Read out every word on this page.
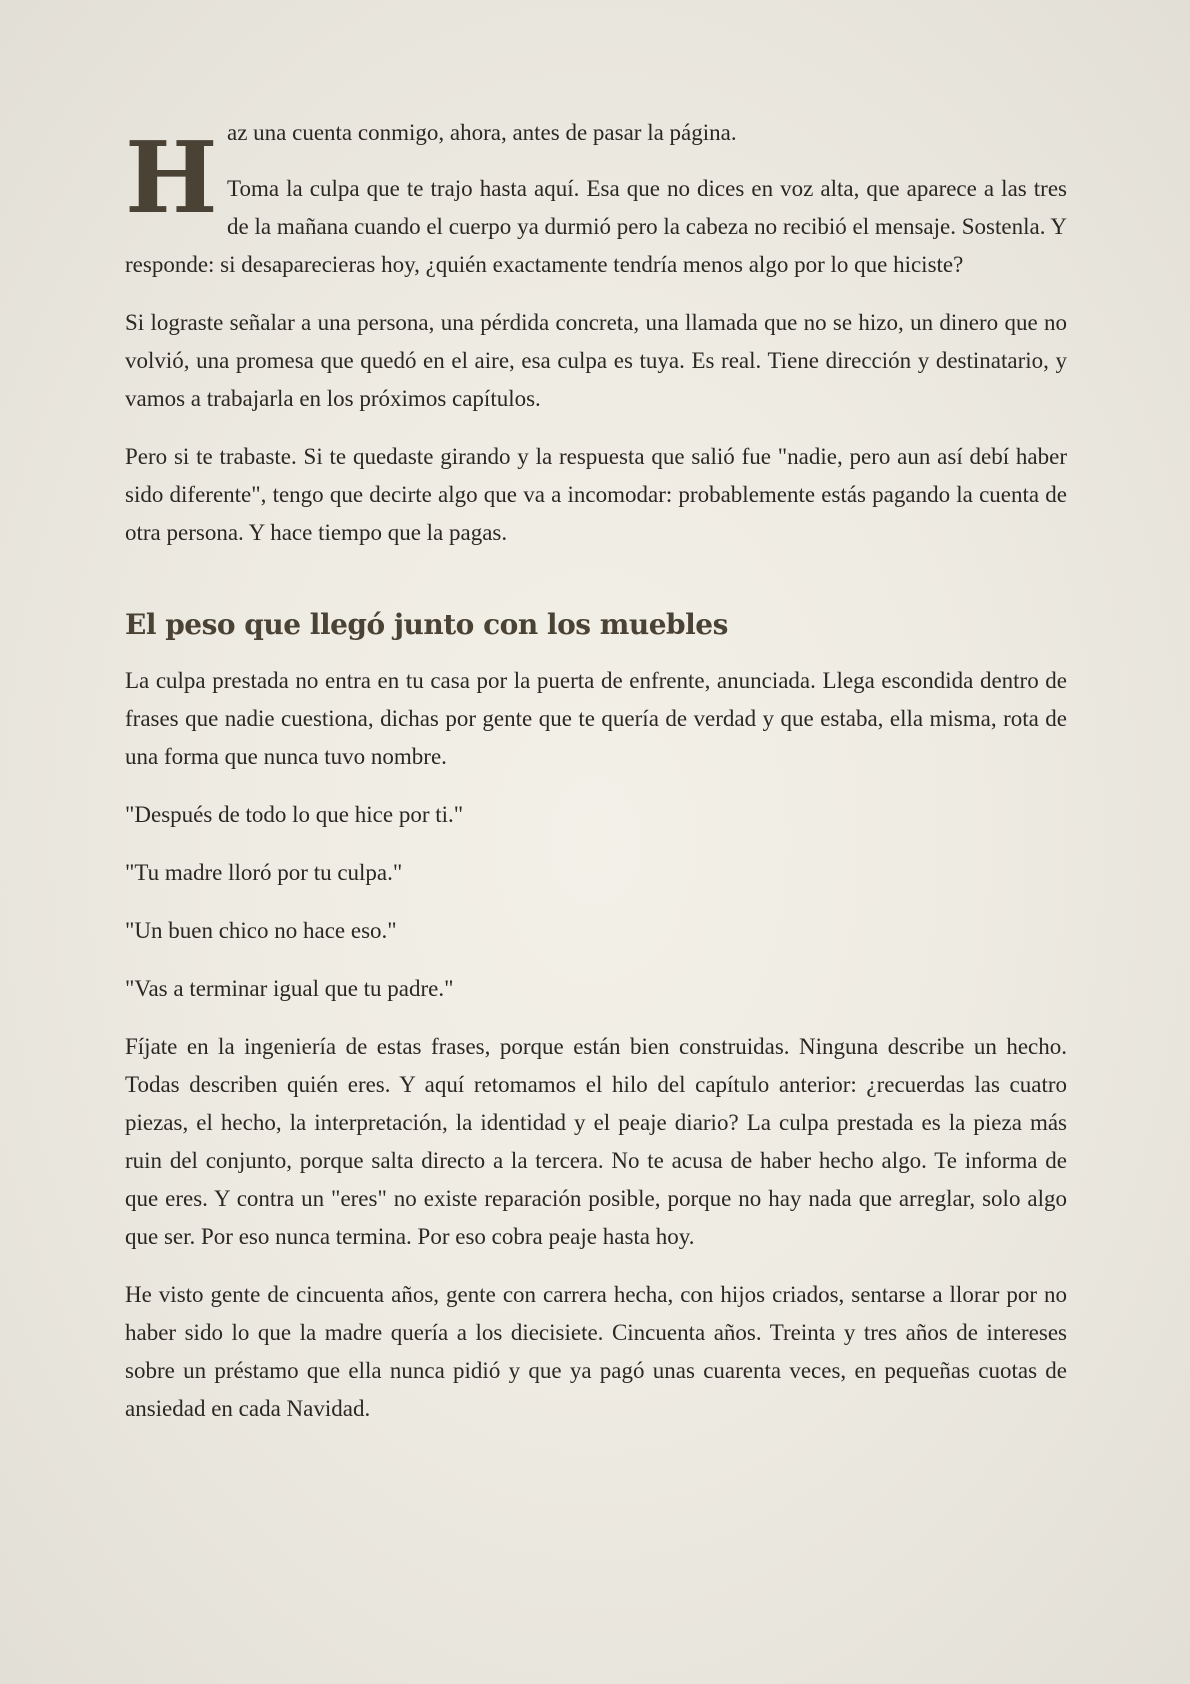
H az una cuenta conmigo, ahora, antes de pasar la página.

Toma la culpa que te trajo hasta aquí. Esa que no dices en voz alta, que aparece a las tres de la mañana cuando el cuerpo ya durmió pero la cabeza no recibió el mensaje. Sostenla. Y responde: si desaparecieras hoy, ¿quién exactamente tendría menos algo por lo que hiciste?

Si lograste señalar a una persona, una pérdida concreta, una llamada que no se hizo, un dinero que no volvió, una promesa que quedó en el aire, esa culpa es tuya. Es real. Tiene dirección y destinatario, y vamos a trabajarla en los próximos capítulos.

Pero si te trabaste. Si te quedaste girando y la respuesta que salió fue "nadie, pero aun así debí haber sido diferente", tengo que decirte algo que va a incomodar: probablemente estás pagando la cuenta de otra persona. Y hace tiempo que la pagas.

El peso que llegó junto con los muebles

La culpa prestada no entra en tu casa por la puerta de enfrente, anunciada. Llega escondida dentro de frases que nadie cuestiona, dichas por gente que te quería de verdad y que estaba, ella misma, rota de una forma que nunca tuvo nombre.

"Después de todo lo que hice por ti."

"Tu madre lloró por tu culpa."

"Un buen chico no hace eso."

"Vas a terminar igual que tu padre."

Fíjate en la ingeniería de estas frases, porque están bien construidas. Ninguna describe un hecho. Todas describen quién eres. Y aquí retomamos el hilo del capítulo anterior: ¿recuerdas las cuatro piezas, el hecho, la interpretación, la identidad y el peaje diario? La culpa prestada es la pieza más ruin del conjunto, porque salta directo a la tercera. No te acusa de haber hecho algo. Te informa de que eres. Y contra un "eres" no existe reparación posible, porque no hay nada que arreglar, solo algo que ser. Por eso nunca termina. Por eso cobra peaje hasta hoy.

He visto gente de cincuenta años, gente con carrera hecha, con hijos criados, sentarse a llorar por no haber sido lo que la madre quería a los diecisiete. Cincuenta años. Treinta y tres años de intereses sobre un préstamo que ella nunca pidió y que ya pagó unas cuarenta veces, en pequeñas cuotas de ansiedad en cada Navidad.
